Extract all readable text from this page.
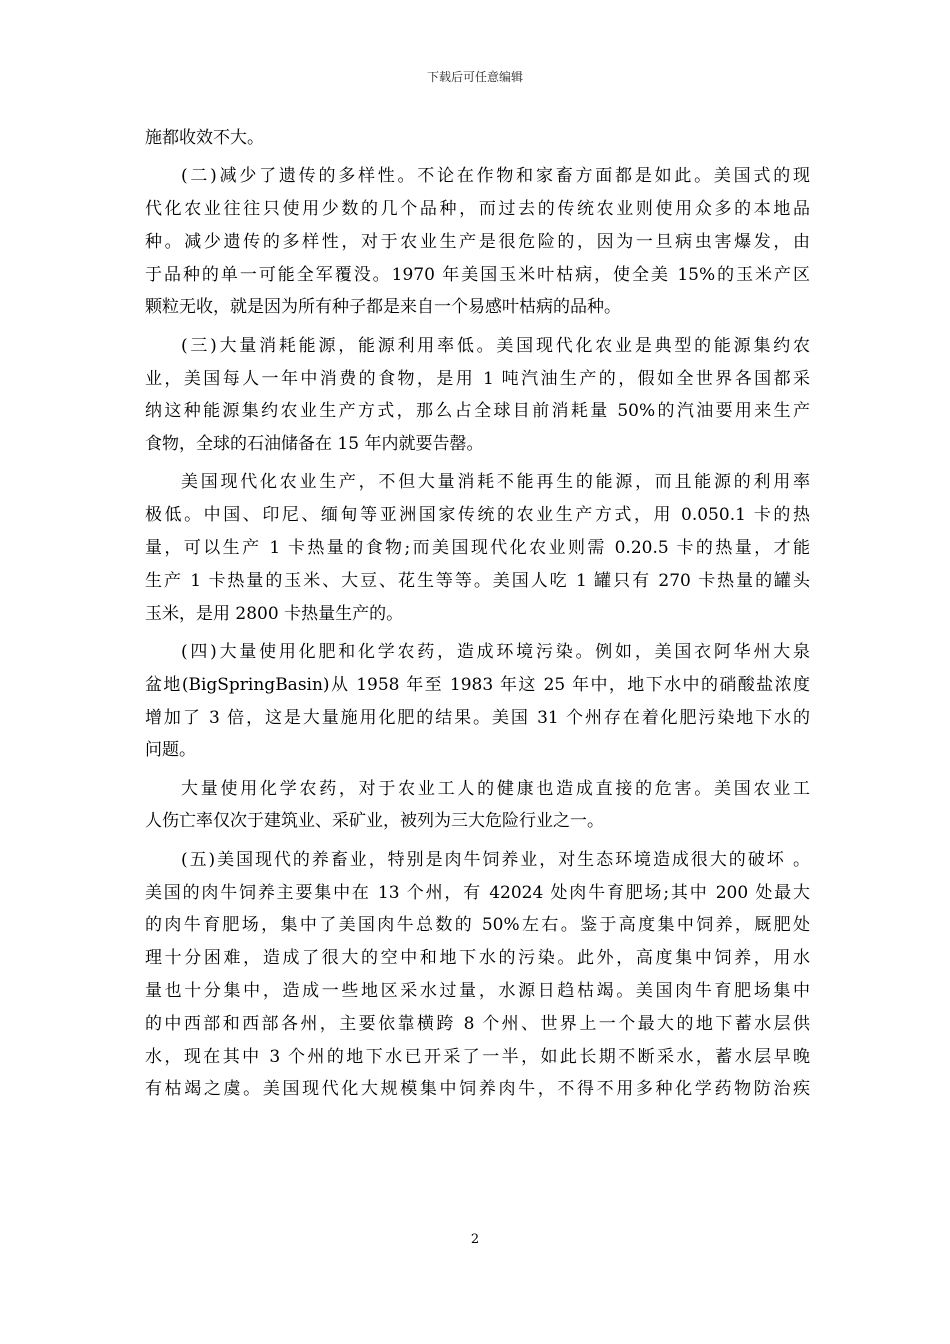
下载后可任意编辑
施都收效不大。
(二)减少了遗传的多样性。不论在作物和家畜方面都是如此。美国式的现
代化农业往往只使用少数的几个品种，而过去的传统农业则使用众多的本地品
种。减少遗传的多样性，对于农业生产是很危险的，因为一旦病虫害爆发，由
于品种的单一可能全军覆没。1970 年美国玉米叶枯病，使全美 15%的玉米产区
颗粒无收，就是因为所有种子都是来自一个易感叶枯病的品种。
(三)大量消耗能源，能源利用率低。美国现代化农业是典型的能源集约农
业，美国每人一年中消费的食物，是用 1 吨汽油生产的，假如全世界各国都采
纳这种能源集约农业生产方式，那么占全球目前消耗量 50%的汽油要用来生产
食物，全球的石油储备在 15 年内就要告罄。
美国现代化农业生产，不但大量消耗不能再生的能源，而且能源的利用率
极低。中国、印尼、缅甸等亚洲国家传统的农业生产方式，用 0.050.1 卡的热
量，可以生产 1 卡热量的食物;而美国现代化农业则需 0.20.5 卡的热量，才能
生产 1 卡热量的玉米、大豆、花生等等。美国人吃 1 罐只有 270 卡热量的罐头
玉米，是用 2800 卡热量生产的。
(四)大量使用化肥和化学农药，造成环境污染。例如，美国衣阿华州大泉
盆地(BigSpringBasin)从 1958 年至 1983 年这 25 年中，地下水中的硝酸盐浓度
增加了 3 倍，这是大量施用化肥的结果。美国 31 个州存在着化肥污染地下水的
问题。
大量使用化学农药，对于农业工人的健康也造成直接的危害。美国农业工
人伤亡率仅次于建筑业、采矿业，被列为三大危险行业之一。
(五)美国现代的养畜业，特别是肉牛饲养业，对生态环境造成很大的破坏 。
美国的肉牛饲养主要集中在 13 个州，有 42024 处肉牛育肥场;其中 200 处最大
的肉牛育肥场，集中了美国肉牛总数的 50%左右。鉴于高度集中饲养，厩肥处
理十分困难，造成了很大的空中和地下水的污染。此外，高度集中饲养，用水
量也十分集中，造成一些地区采水过量，水源日趋枯竭。美国肉牛育肥场集中
的中西部和西部各州，主要依靠横跨 8 个州、世界上一个最大的地下蓄水层供
水，现在其中 3 个州的地下水已开采了一半，如此长期不断采水，蓄水层早晚
有枯竭之虞。美国现代化大规模集中饲养肉牛，不得不用多种化学药物防治疾
2
